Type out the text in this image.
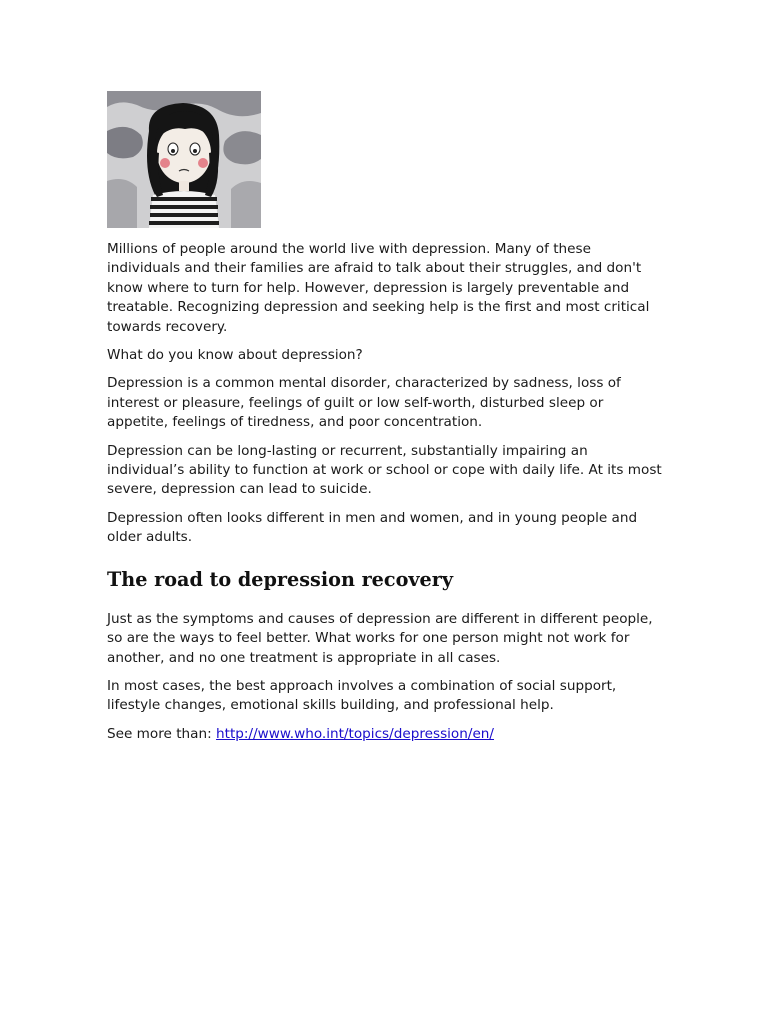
Millions of people around the world live with depression. Many of these individuals and their families are afraid to talk about their struggles, and don't know where to turn for help. However, depression is largely preventable and treatable. Recognizing depression and seeking help is the first and most critical towards recovery.

What do you know about depression?

Depression is a common mental disorder, characterized by sadness, loss of interest or pleasure, feelings of guilt or low self-worth, disturbed sleep or appetite, feelings of tiredness, and poor concentration.

Depression can be long-lasting or recurrent, substantially impairing an individual’s ability to function at work or school or cope with daily life. At its most severe, depression can lead to suicide.

Depression often looks different in men and women, and in young people and older adults.

The road to depression recovery

Just as the symptoms and causes of depression are different in different people, so are the ways to feel better. What works for one person might not work for another, and no one treatment is appropriate in all cases.

In most cases, the best approach involves a combination of social support, lifestyle changes, emotional skills building, and professional help.

See more than: http://www.who.int/topics/depression/en/
